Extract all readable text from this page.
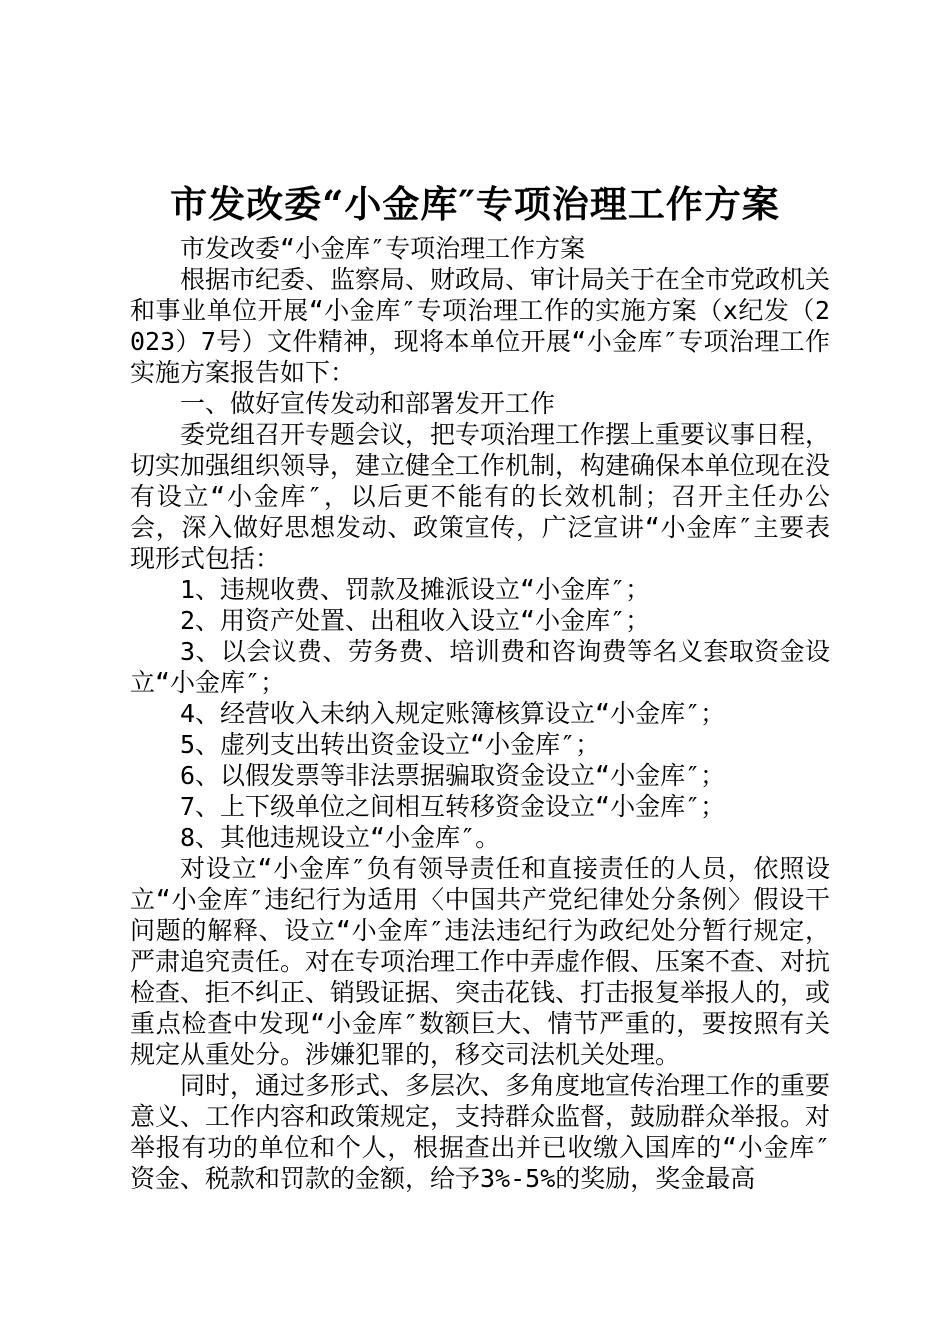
市发改委“小金库″专项治理工作方案

市发改委“小金库″专项治理工作方案

根据市纪委、监察局、财政局、审计局关于在全市党政机关和事业单位开展“小金库″专项治理工作的实施方案（x纪发（2023）7号）文件精神，现将本单位开展“小金库″专项治理工作实施方案报告如下：

一、做好宣传发动和部署发开工作

委党组召开专题会议，把专项治理工作摆上重要议事日程，切实加强组织领导，建立健全工作机制，构建确保本单位现在没有设立“小金库″，以后更不能有的长效机制；召开主任办公会，深入做好思想发动、政策宣传，广泛宣讲“小金库″主要表现形式包括：

1、违规收费、罚款及摊派设立“小金库″；

2、用资产处置、出租收入设立“小金库″；

3、以会议费、劳务费、培训费和咨询费等名义套取资金设立“小金库″；

4、经营收入未纳入规定账簿核算设立“小金库″；

5、虚列支出转出资金设立“小金库″；

6、以假发票等非法票据骗取资金设立“小金库″；

7、上下级单位之间相互转移资金设立“小金库″；

8、其他违规设立“小金库″。

对设立“小金库″负有领导责任和直接责任的人员，依照设立“小金库″违纪行为适用〈中国共产党纪律处分条例〉假设干问题的解释、设立“小金库″违法违纪行为政纪处分暂行规定，严肃追究责任。对在专项治理工作中弄虚作假、压案不查、对抗检查、拒不纠正、销毁证据、突击花钱、打击报复举报人的，或重点检查中发现“小金库″数额巨大、情节严重的，要按照有关规定从重处分。涉嫌犯罪的，移交司法机关处理。

同时，通过多形式、多层次、多角度地宣传治理工作的重要意义、工作内容和政策规定，支持群众监督，鼓励群众举报。对举报有功的单位和个人，根据查出并已收缴入国库的“小金库″资金、税款和罚款的金额，给予3%-5%的奖励，奖金最高
